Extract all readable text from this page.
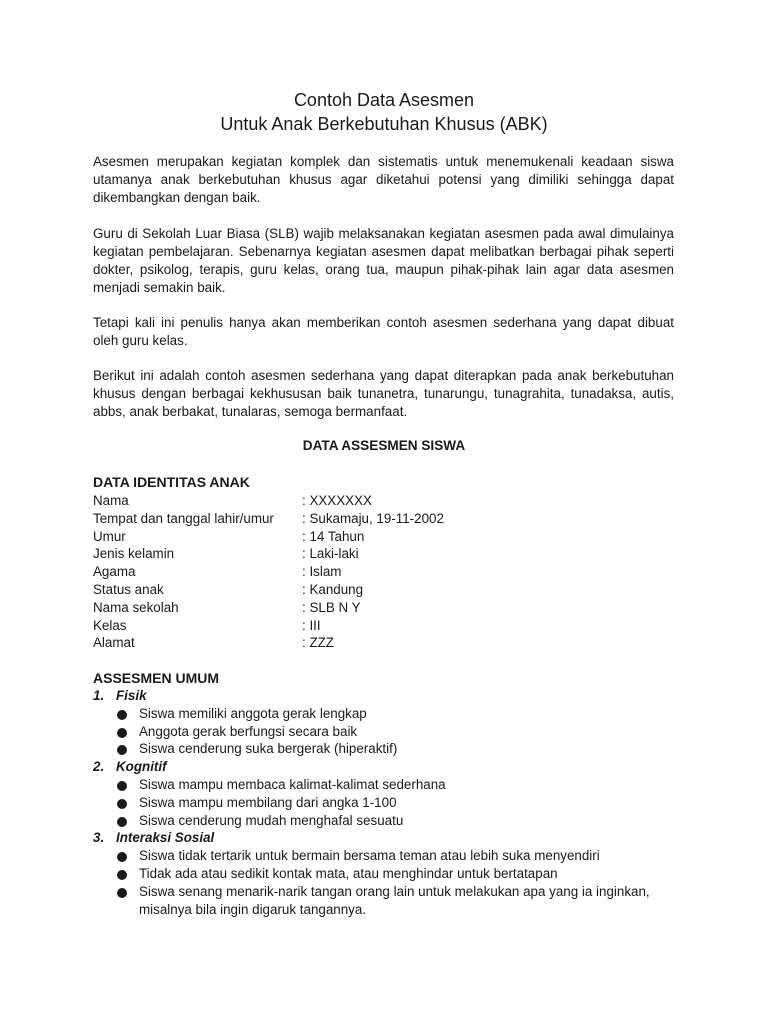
Contoh Data Asesmen
Untuk Anak Berkebutuhan Khusus (ABK)

Asesmen merupakan kegiatan komplek dan sistematis untuk menemukenali keadaan siswa utamanya anak berkebutuhan khusus agar diketahui potensi yang dimiliki sehingga dapat dikembangkan dengan baik.

Guru di Sekolah Luar Biasa (SLB) wajib melaksanakan kegiatan asesmen pada awal dimulainya kegiatan pembelajaran. Sebenarnya kegiatan asesmen dapat melibatkan berbagai pihak seperti dokter, psikolog, terapis, guru kelas, orang tua, maupun pihak-pihak lain agar data asesmen menjadi semakin baik.

Tetapi kali ini penulis hanya akan memberikan contoh asesmen sederhana yang dapat dibuat oleh guru kelas.

Berikut ini adalah contoh asesmen sederhana yang dapat diterapkan pada anak berkebutuhan khusus dengan berbagai kekhususan baik tunanetra, tunarungu, tunagrahita, tunadaksa, autis, abbs, anak berbakat, tunalaras, semoga bermanfaat.

DATA ASSESMEN SISWA
DATA IDENTITAS ANAK
Nama	: XXXXXXX
Tempat dan tanggal lahir/umur	: Sukamaju, 19-11-2002
Umur	: 14 Tahun
Jenis kelamin	: Laki-laki
Agama	: Islam
Status anak	: Kandung
Nama sekolah	: SLB N Y
Kelas	: III
Alamat	: ZZZ
ASSESMEN UMUM
1. Fisik
Siswa memiliki anggota gerak lengkap
Anggota gerak berfungsi secara baik
Siswa cenderung suka bergerak (hiperaktif)
2. Kognitif
Siswa mampu membaca kalimat-kalimat sederhana
Siswa mampu membilang dari angka 1-100
Siswa cenderung mudah menghafal sesuatu
3. Interaksi Sosial
Siswa tidak tertarik untuk bermain bersama teman atau lebih suka menyendiri
Tidak ada atau sedikit kontak mata, atau menghindar untuk bertatapan
Siswa senang menarik-narik tangan orang lain untuk melakukan apa yang ia inginkan, misalnya bila ingin digaruk tangannya.
